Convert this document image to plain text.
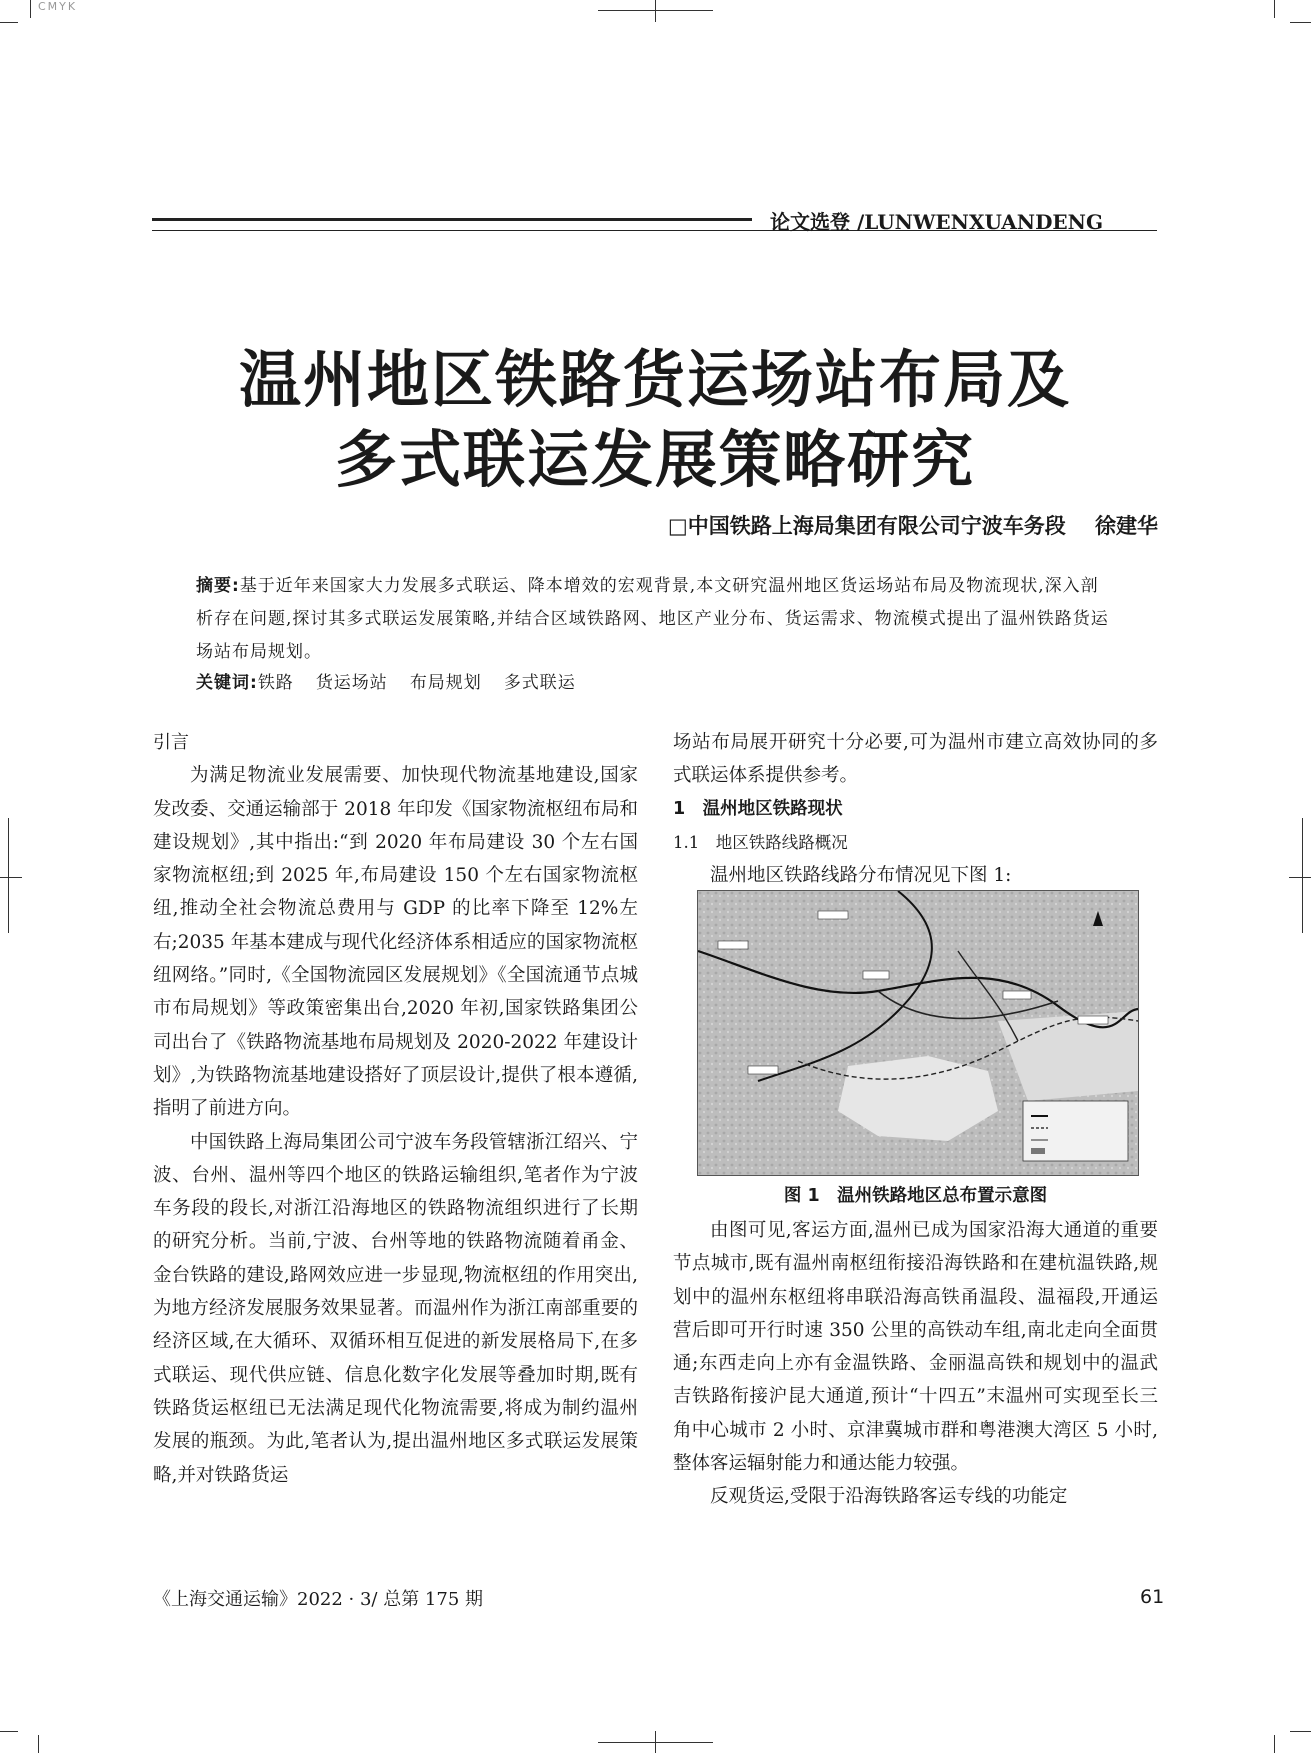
CMYK
论文选登 /LUNWENXUANDENG
温州地区铁路货运场站布局及
多式联运发展策略研究
□中国铁路上海局集团有限公司宁波车务段 徐建华
摘要:基于近年来国家大力发展多式联运、降本增效的宏观背景,本文研究温州地区货运场站布局及物流现状,深入剖析存在问题,探讨其多式联运发展策略,并结合区域铁路网、地区产业分布、货运需求、物流模式提出了温州铁路货运场站布局规划。
关键词:铁路 货运场站 布局规划 多式联运

引言

为满足物流业发展需要、加快现代物流基地建设,国家发改委、交通运输部于 2018 年印发《国家物流枢纽布局和建设规划》,其中指出:“到 2020 年布局建设 30 个左右国家物流枢纽;到 2025 年,布局建设 150 个左右国家物流枢纽,推动全社会物流总费用与 GDP 的比率下降至 12%左右;2035 年基本建成与现代化经济体系相适应的国家物流枢纽网络。”同时,《全国物流园区发展规划》《全国流通节点城市布局规划》等政策密集出台,2020 年初,国家铁路集团公司出台了《铁路物流基地布局规划及 2020-2022 年建设计划》,为铁路物流基地建设搭好了顶层设计,提供了根本遵循,指明了前进方向。

中国铁路上海局集团公司宁波车务段管辖浙江绍兴、宁波、台州、温州等四个地区的铁路运输组织,笔者作为宁波车务段的段长,对浙江沿海地区的铁路物流组织进行了长期的研究分析。当前,宁波、台州等地的铁路物流随着甬金、金台铁路的建设,路网效应进一步显现,物流枢纽的作用突出,为地方经济发展服务效果显著。而温州作为浙江南部重要的经济区域,在大循环、双循环相互促进的新发展格局下,在多式联运、现代供应链、信息化数字化发展等叠加时期,既有铁路货运枢纽已无法满足现代化物流需要,将成为制约温州发展的瓶颈。为此,笔者认为,提出温州地区多式联运发展策略,并对铁路货运

场站布局展开研究十分必要,可为温州市建立高效协同的多式联运体系提供参考。

1　温州地区铁路现状

1.1　地区铁路线路概况

温州地区铁路线路分布情况见下图 1:

图 1　温州铁路地区总布置示意图

由图可见,客运方面,温州已成为国家沿海大通道的重要节点城市,既有温州南枢纽衔接沿海铁路和在建杭温铁路,规划中的温州东枢纽将串联沿海高铁甬温段、温福段,开通运营后即可开行时速 350 公里的高铁动车组,南北走向全面贯通;东西走向上亦有金温铁路、金丽温高铁和规划中的温武吉铁路衔接沪昆大通道,预计“十四五”末温州可实现至长三角中心城市 2 小时、京津冀城市群和粤港澳大湾区 5 小时,整体客运辐射能力和通达能力较强。

反观货运,受限于沿海铁路客运专线的功能定

《上海交通运输》2022 · 3/ 总第 175 期	61
